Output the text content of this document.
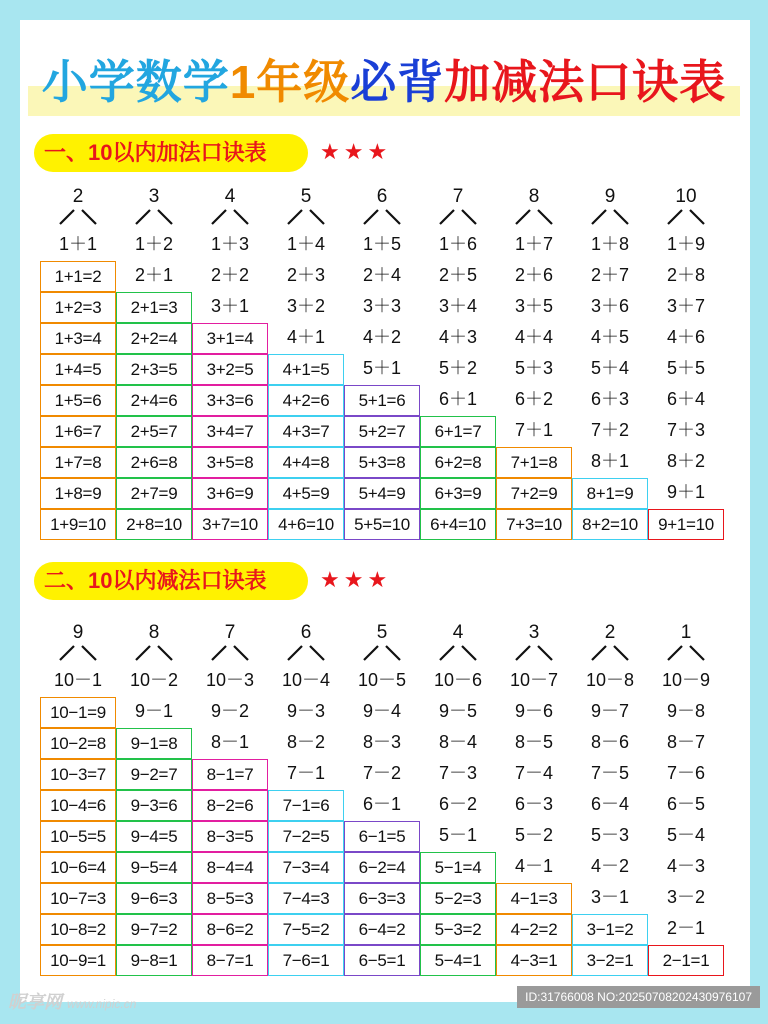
小学数学1年级必背加减法口诀表
一、10以内加法口诀表	★★★
2	3	4	5	6	7	8	9	10
1＋1	1＋2	1＋3	1＋4	1＋5	1＋6	1＋7	1＋8	1＋9
1+1=2	2＋1	2＋2	2＋3	2＋4	2＋5	2＋6	2＋7	2＋8
1+2=3	2+1=3	3＋1	3＋2	3＋3	3＋4	3＋5	3＋6	3＋7
1+3=4	2+2=4	3+1=4	4＋1	4＋2	4＋3	4＋4	4＋5	4＋6
1+4=5	2+3=5	3+2=5	4+1=5	5＋1	5＋2	5＋3	5＋4	5＋5
1+5=6	2+4=6	3+3=6	4+2=6	5+1=6	6＋1	6＋2	6＋3	6＋4
1+6=7	2+5=7	3+4=7	4+3=7	5+2=7	6+1=7	7＋1	7＋2	7＋3
1+7=8	2+6=8	3+5=8	4+4=8	5+3=8	6+2=8	7+1=8	8＋1	8＋2
1+8=9	2+7=9	3+6=9	4+5=9	5+4=9	6+3=9	7+2=9	8+1=9	9＋1
1+9=10	2+8=10	3+7=10	4+6=10	5+5=10	6+4=10	7+3=10	8+2=10	9+1=10
二、10以内减法口诀表	★★★
9	8	7	6	5	4	3	2	1
10－1	10－2	10－3	10－4	10－5	10－6	10－7	10－8	10－9
10−1=9	9－1	9－2	9－3	9－4	9－5	9－6	9－7	9－8
10−2=8	9−1=8	8－1	8－2	8－3	8－4	8－5	8－6	8－7
10−3=7	9−2=7	8−1=7	7－1	7－2	7－3	7－4	7－5	7－6
10−4=6	9−3=6	8−2=6	7−1=6	6－1	6－2	6－3	6－4	6－5
10−5=5	9−4=5	8−3=5	7−2=5	6−1=5	5－1	5－2	5－3	5－4
10−6=4	9−5=4	8−4=4	7−3=4	6−2=4	5−1=4	4－1	4－2	4－3
10−7=3	9−6=3	8−5=3	7−4=3	6−3=3	5−2=3	4−1=3	3－1	3－2
10−8=2	9−7=2	8−6=2	7−5=2	6−4=2	5−3=2	4−2=2	3−1=2	2－1
10−9=1	9−8=1	8−7=1	7−6=1	6−5=1	5−4=1	4−3=1	3−2=1	2−1=1
昵享网 www.nipic.cn	ID:31766008 NO:20250708202430976107
